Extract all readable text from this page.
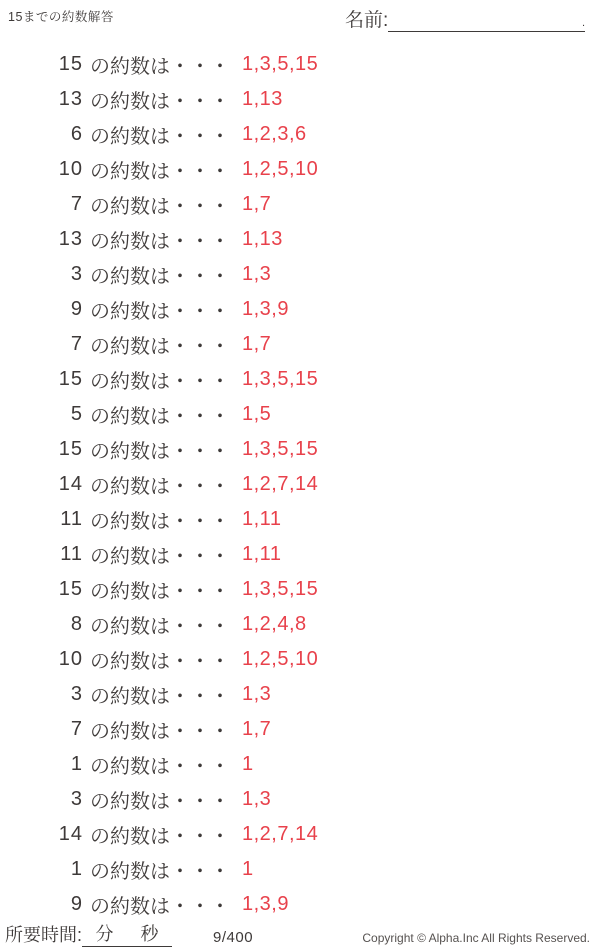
15までの約数解答	名前:	.
15 の約数は・・・ 1,3,5,15
13 の約数は・・・ 1,13
6 の約数は・・・ 1,2,3,6
10 の約数は・・・ 1,2,5,10
7 の約数は・・・ 1,7
13 の約数は・・・ 1,13
3 の約数は・・・ 1,3
9 の約数は・・・ 1,3,9
7 の約数は・・・ 1,7
15 の約数は・・・ 1,3,5,15
5 の約数は・・・ 1,5
15 の約数は・・・ 1,3,5,15
14 の約数は・・・ 1,2,7,14
11 の約数は・・・ 1,11
11 の約数は・・・ 1,11
15 の約数は・・・ 1,3,5,15
8 の約数は・・・ 1,2,4,8
10 の約数は・・・ 1,2,5,10
3 の約数は・・・ 1,3
7 の約数は・・・ 1,7
1 の約数は・・・ 1
3 の約数は・・・ 1,3
14 の約数は・・・ 1,2,7,14
1 の約数は・・・ 1
9 の約数は・・・ 1,3,9
所要時間: 分 秒	9/400	Copyright © Alpha.Inc All Rights Reserved.
